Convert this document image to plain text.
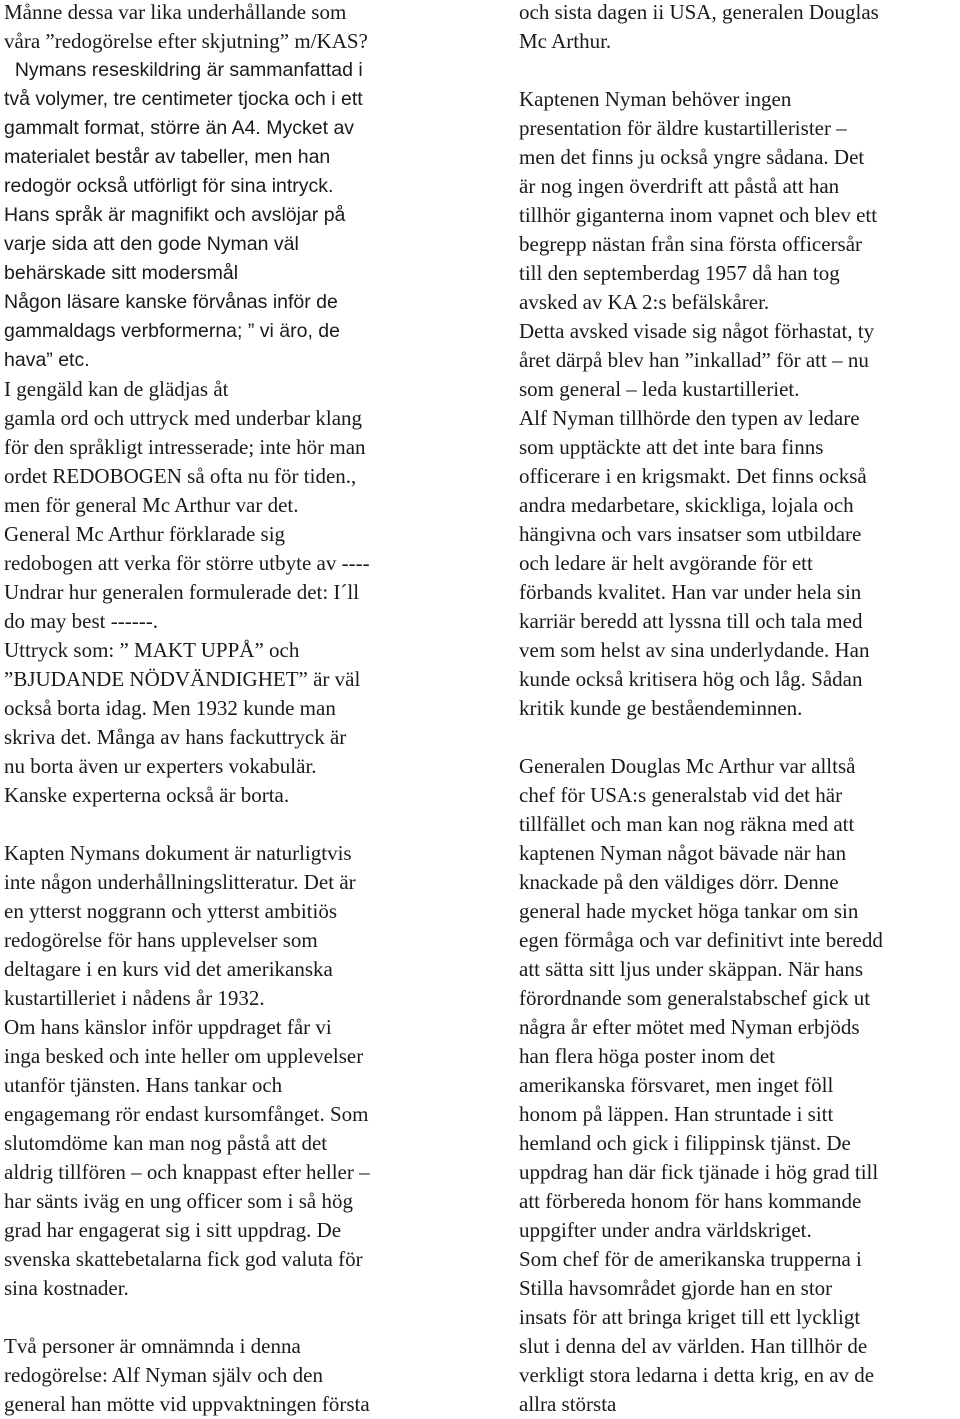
Månne dessa var lika underhållande som
våra ”redogörelse efter skjutning” m/KAS?
Nymans reseskildring är sammanfattad i
två volymer, tre centimeter tjocka och i ett
gammalt format, större än A4. Mycket av
materialet består av tabeller, men han
redogör också utförligt för sina intryck.
Hans språk är magnifikt och avslöjar på
varje sida att den gode Nyman väl
behärskade sitt modersmål
Någon läsare kanske förvånas inför de
gammaldags verbformerna; ” vi äro, de
hava” etc.
I gengäld kan de glädjas åt
gamla ord och uttryck med underbar klang
för den språkligt intresserade; inte hör man
ordet REDOBOGEN så ofta nu för tiden.,
men för general Mc Arthur var det.
General Mc Arthur förklarade sig
redobogen att verka för större utbyte av ----
Undrar hur generalen formulerade det: I´ll
do may best ------.
Uttryck som: ” MAKT UPPÅ” och
”BJUDANDE NÖDVÄNDIGHET” är väl
också borta idag. Men 1932 kunde man
skriva det. Många av hans fackuttryck är
nu borta även ur experters vokabulär.
Kanske experterna också är borta.
Kapten Nymans dokument är naturligtvis
inte någon underhållningslitteratur. Det är
en ytterst noggrann och ytterst ambitiös
redogörelse för hans upplevelser som
deltagare i en kurs vid det amerikanska
kustartilleriet i nådens år 1932.
Om hans känslor inför uppdraget får vi
inga besked och inte heller om upplevelser
utanför tjänsten. Hans tankar och
engagemang rör endast kursomfånget. Som
slutomdöme kan man nog påstå att det
aldrig tillfören – och knappast efter heller –
har sänts iväg en ung officer som i så hög
grad har engagerat sig i sitt uppdrag. De
svenska skattebetalarna fick god valuta för
sina kostnader.
Två personer är omnämnda i denna
redogörelse: Alf Nyman själv och den
general han mötte vid uppvaktningen första
och sista dagen ii USA, generalen Douglas
Mc Arthur.
Kaptenen Nyman behöver ingen
presentation för äldre kustartillerister –
men det finns ju också yngre sådana. Det
är nog ingen överdrift att påstå att han
tillhör giganterna inom vapnet och blev ett
begrepp nästan från sina första officersår
till den septemberdag 1957 då han tog
avsked av KA 2:s befälskårer.
Detta avsked visade sig något förhastat, ty
året därpå blev han ”inkallad” för att – nu
som general – leda kustartilleriet.
Alf Nyman tillhörde den typen av ledare
som upptäckte att det inte bara finns
officerare i en krigsmakt. Det finns också
andra medarbetare, skickliga, lojala och
hängivna och vars insatser som utbildare
och ledare är helt avgörande för ett
förbands kvalitet. Han var under hela sin
karriär beredd att lyssna till och tala med
vem som helst av sina underlydande. Han
kunde också kritisera hög och låg. Sådan
kritik kunde ge beståendeminnen.
Generalen Douglas Mc Arthur var alltså
chef för USA:s generalstab vid det här
tillfället och man kan nog räkna med att
kaptenen Nyman något bävade när han
knackade på den väldiges dörr. Denne
general hade mycket höga tankar om sin
egen förmåga och var definitivt inte beredd
att sätta sitt ljus under skäppan. När hans
förordnande som generalstabschef gick ut
några år efter mötet med Nyman erbjöds
han flera höga poster inom det
amerikanska försvaret, men inget föll
honom på läppen. Han struntade i sitt
hemland och gick i filippinsk tjänst. De
uppdrag han där fick tjänade i hög grad till
att förbereda honom för hans kommande
uppgifter under andra världskriget.
Som chef för de amerikanska trupperna i
Stilla havsområdet gjorde han en stor
insats för att bringa kriget till ett lyckligt
slut i denna del av världen. Han tillhör de
verkligt stora ledarna i detta krig, en av de
allra största
